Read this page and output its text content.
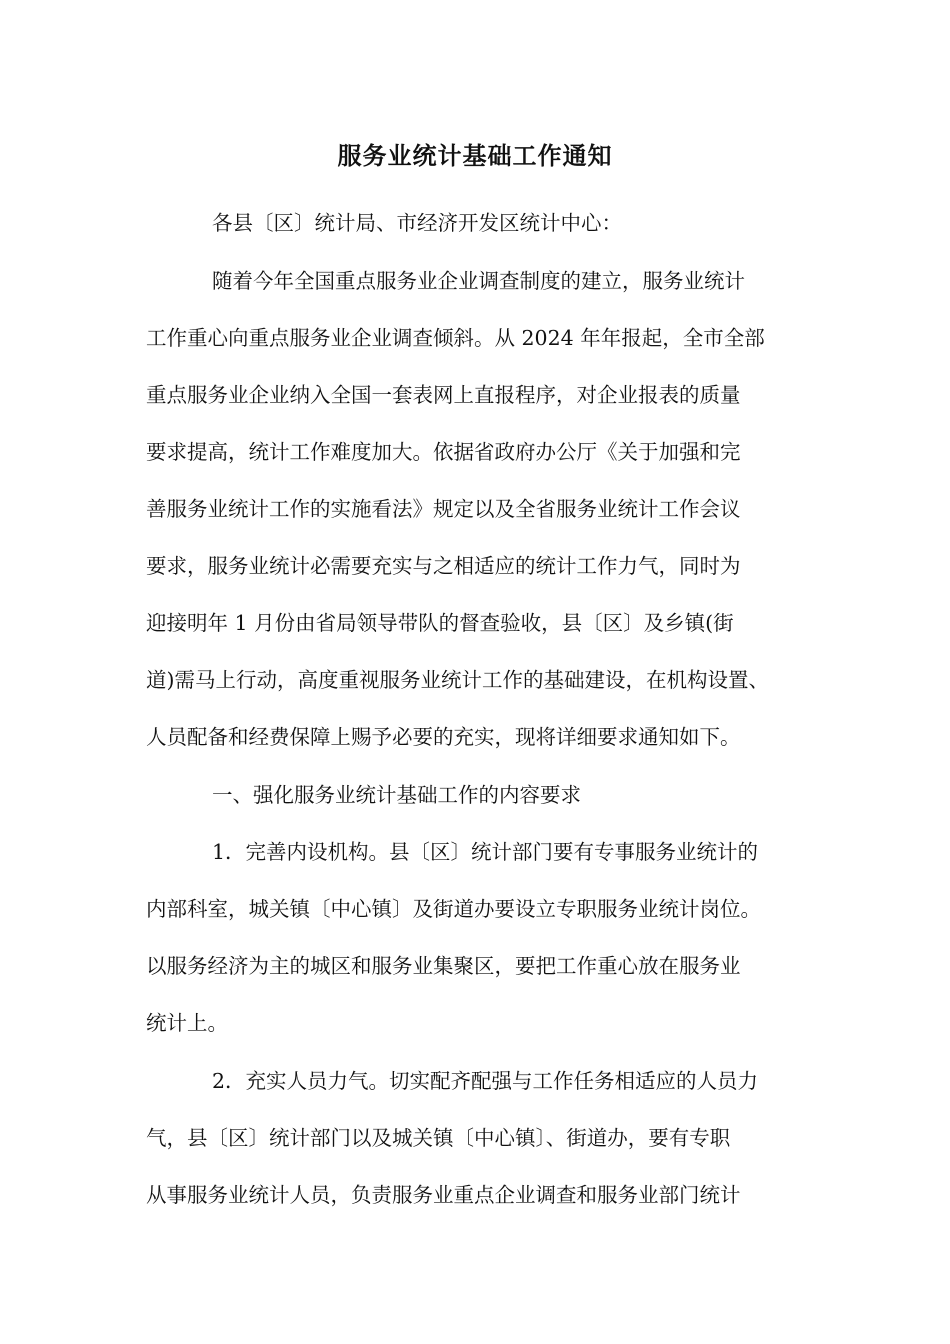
服务业统计基础工作通知
各县〔区〕统计局、市经济开发区统计中心：
随着今年全国重点服务业企业调查制度的建立，服务业统计
工作重心向重点服务业企业调查倾斜。从 2024 年年报起，全市全部
重点服务业企业纳入全国一套表网上直报程序，对企业报表的质量
要求提高，统计工作难度加大。依据省政府办公厅《关于加强和完
善服务业统计工作的实施看法》规定以及全省服务业统计工作会议
要求，服务业统计必需要充实与之相适应的统计工作力气，同时为
迎接明年 1 月份由省局领导带队的督查验收，县〔区〕及乡镇(街
道)需马上行动，高度重视服务业统计工作的基础建设，在机构设置、
人员配备和经费保障上赐予必要的充实，现将详细要求通知如下。
一、强化服务业统计基础工作的内容要求
1．完善内设机构。县〔区〕统计部门要有专事服务业统计的
内部科室，城关镇〔中心镇〕及街道办要设立专职服务业统计岗位。
以服务经济为主的城区和服务业集聚区，要把工作重心放在服务业
统计上。
2．充实人员力气。切实配齐配强与工作任务相适应的人员力
气，县〔区〕统计部门以及城关镇〔中心镇〕、街道办，要有专职
从事服务业统计人员，负责服务业重点企业调查和服务业部门统计
